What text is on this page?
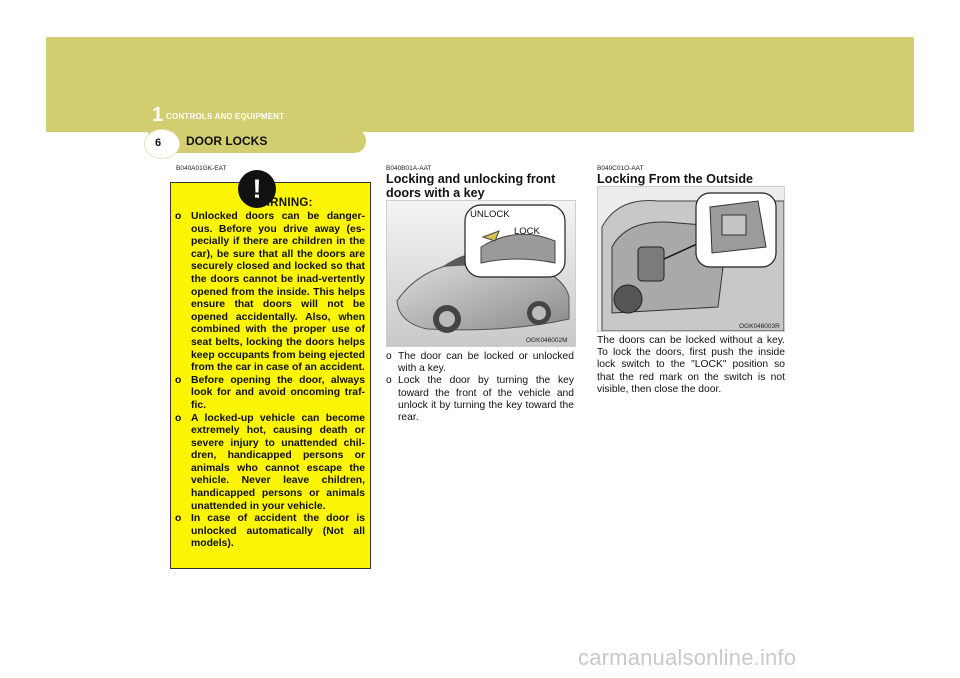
1 CONTROLS AND EQUIPMENT
6 DOOR LOCKS
B040A01GK-EAT
!
WARNING:
o Unlocked doors can be danger-ous. Before you drive away (es-pecially if there are children in the car), be sure that all the doors are securely closed and locked so that the doors cannot be inad-vertently opened from the inside. This helps ensure that doors will not be opened accidentally. Also, when combined with the proper use of seat belts, locking the doors helps keep occupants from being ejected from the car in case of an accident.
o Before opening the door, always look for and avoid oncoming traf-fic.
o A locked-up vehicle can become extremely hot, causing death or severe injury to unattended chil-dren, handicapped persons or animals who cannot escape the vehicle. Never leave children, handicapped persons or animals unattended in your vehicle.
o In case of accident the door is unlocked automatically (Not all models).
B040B01A-AAT
Locking and unlocking front doors with a key
UNLOCK
LOCK
OGK046002M
o The door can be locked or unlocked with a key.
o Lock the door by turning the key toward the front of the vehicle and unlock it by turning the key toward the rear.
B040C01O-AAT
Locking From the Outside
OGK046003R

The doors can be locked without a key. To lock the doors, first push the inside lock switch to the "LOCK" position so that the red mark on the switch is not visible, then close the door.

carmanualsonline.info
